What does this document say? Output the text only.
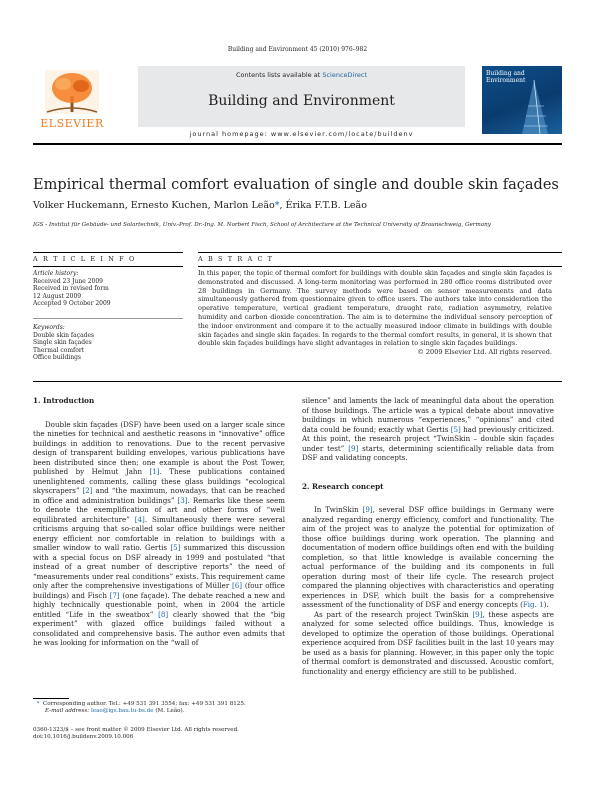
Building and Environment 45 (2010) 976–982
ELSEVIER
Contents lists available at ScienceDirect
Building and Environment
journal homepage: www.elsevier.com/locate/buildenv
Building and Environment
Empirical thermal comfort evaluation of single and double skin façades
Volker Huckemann, Ernesto Kuchen, Marlon Leão*, Érika F.T.B. Leão
IGS - Institut für Gebäude- und Solartechnik, Univ.-Prof. Dr.-Ing. M. Norbert Fisch, School of Architecture at the Technical University of Braunschweig, Germany
A R T I C L E I N F O
Article history:
Received 23 June 2009
Received in revised form
12 August 2009
Accepted 9 October 2009
Keywords:
Double skin façades
Single skin façades
Thermal comfort
Office buildings
A B S T R A C T
In this paper, the topic of thermal comfort for buildings with double skin façades and single skin façades is demonstrated and discussed. A long-term monitoring was performed in 280 office rooms distributed over 28 buildings in Germany. The survey methods were based on sensor measurements and data simultaneously gathered from questionnaire given to office users. The authors take into consideration the operative temperature, vertical gradient temperature, draught rate, radiation asymmetry, relative humidity and carbon dioxide concentration. The aim is to determine the individual sensory perception of the indoor environment and compare it to the actually measured indoor climate in buildings with double skin façades and single skin façades. In regards to the thermal comfort results, in general, it is shown that double skin façades buildings have slight advantages in relation to single skin façades buildings.
© 2009 Elsevier Ltd. All rights reserved.
1. Introduction

Double skin façades (DSF) have been used on a larger scale since the nineties for technical and aesthetic reasons in “innovative” office buildings in addition to renovations. Due to the recent pervasive design of transparent building envelopes, various publications have been distributed since then; one example is about the Post Tower, published by Helmut Jahn [1]. These publications contained unenlightened comments, calling these glass buildings “ecological skyscrapers” [2] and “the maximum, nowadays, that can be reached in office and administration buildings” [3]. Remarks like these seem to denote the exemplification of art and other forms of “well equilibrated architecture” [4]. Simultaneously there were several criticisms arguing that so-called solar office buildings were neither energy efficient nor comfortable in relation to buildings with a smaller window to wall ratio. Gertis [5] summarized this discussion with a special focus on DSF already in 1999 and postulated “that instead of a great number of descriptive reports” the need of “measurements under real conditions” exists. This requirement came only after the comprehensive investigations of Müller [6] (four office buildings) and Fisch [7] (one façade). The debate reached a new and highly technically questionable point, when in 2004 the article entitled “Life in the sweatbox” [8] clearly showed that the “big experiment” with glazed office buildings failed without a consolidated and comprehensive basis. The author even admits that he was looking for information on the “wall of

* Corresponding author. Tel.: +49 531 391 3554; fax: +49 531 391 8125.
E-mail address: leao@igs.bau.tu-bs.de (M. Leão).
0360-1323/$ – see front matter © 2009 Elsevier Ltd. All rights reserved.
doi:10.1016/j.buildenv.2009.10.006

silence” and laments the lack of meaningful data about the operation of those buildings. The article was a typical debate about innovative buildings in which numerous “experiences,” “opinions” and cited data could be found; exactly what Gertis [5] had previously criticized. At this point, the research project “TwinSkin – double skin façades under test” [9] starts, determining scientifically reliable data from DSF and validating concepts.

2. Research concept

In TwinSkin [9], several DSF office buildings in Germany were analyzed regarding energy efficiency, comfort and functionality. The aim of the project was to analyze the potential for optimization of those office buildings during work operation. The planning and documentation of modern office buildings often end with the building completion, so that little knowledge is available concerning the actual performance of the building and its components in full operation during most of their life cycle. The research project compared the planning objectives with characteristics and operating experiences in DSF, which built the basis for a comprehensive assessment of the functionality of DSF and energy concepts (Fig. 1).

As part of the research project TwinSkin [9], these aspects are analyzed for some selected office buildings. Thus, knowledge is developed to optimize the operation of those buildings. Operational experience acquired from DSF facilities built in the last 10 years may be used as a basis for planning. However, in this paper only the topic of thermal comfort is demonstrated and discussed. Acoustic comfort, functionality and energy efficiency are still to be published.
